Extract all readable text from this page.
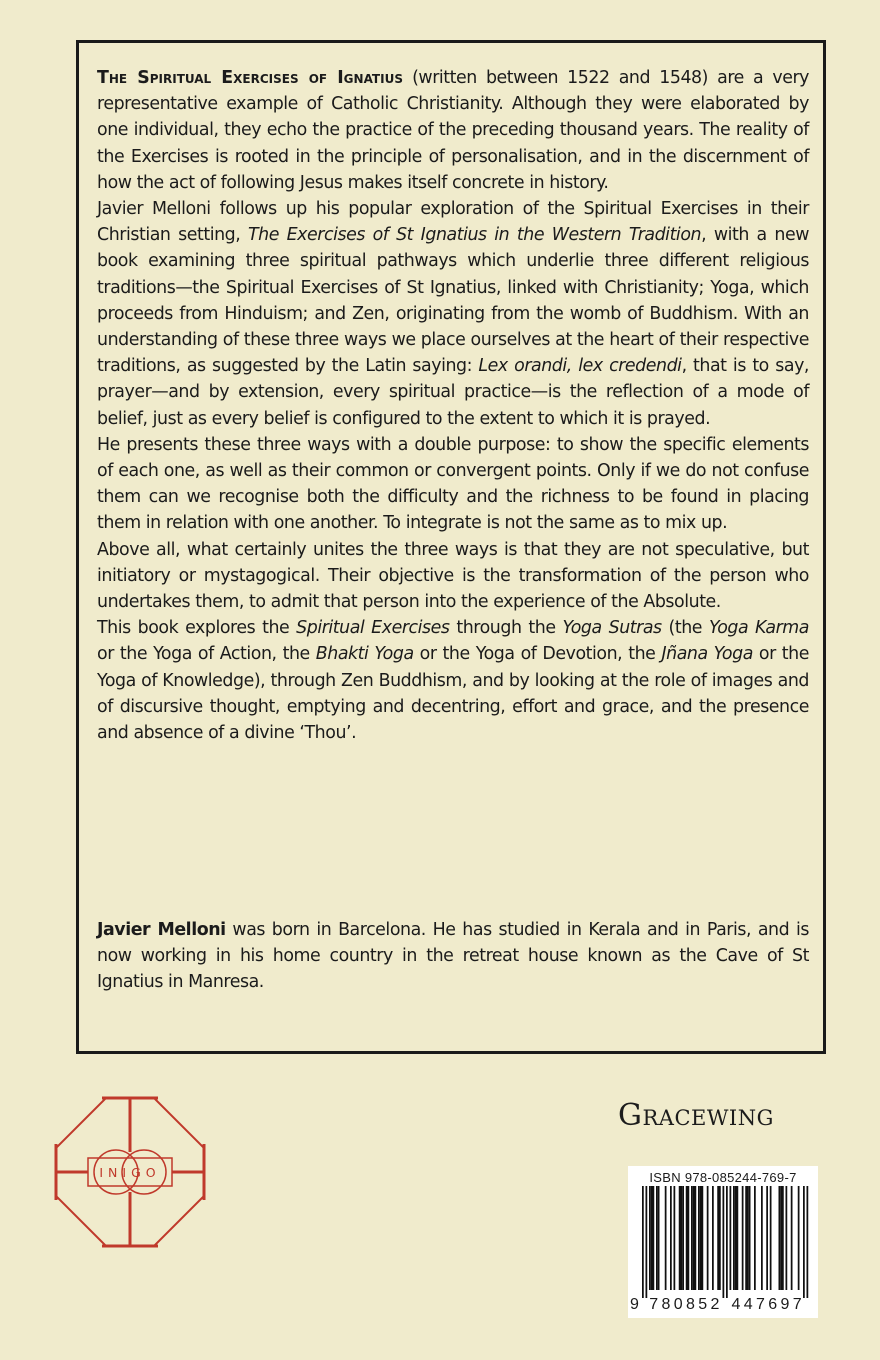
The Spiritual Exercises of Ignatius (written between 1522 and 1548) are a very representative example of Catholic Christianity. Although they were elaborated by one individual, they echo the practice of the preceding thousand years. The reality of the Exercises is rooted in the principle of personalisation, and in the discernment of how the act of following Jesus makes itself concrete in history.

Javier Melloni follows up his popular exploration of the Spiritual Exercises in their Christian setting, The Exercises of St Ignatius in the Western Tradition, with a new book examining three spiritual pathways which underlie three different religious traditions—the Spiritual Exercises of St Ignatius, linked with Christianity; Yoga, which proceeds from Hinduism; and Zen, originating from the womb of Buddhism. With an understanding of these three ways we place ourselves at the heart of their respective traditions, as suggested by the Latin saying: Lex orandi, lex credendi, that is to say, prayer—and by extension, every spiritual practice—is the reflection of a mode of belief, just as every belief is configured to the extent to which it is prayed.

He presents these three ways with a double purpose: to show the specific elements of each one, as well as their common or convergent points. Only if we do not confuse them can we recognise both the difficulty and the richness to be found in placing them in relation with one another. To integrate is not the same as to mix up.

Above all, what certainly unites the three ways is that they are not speculative, but initiatory or mystagogical. Their objective is the transformation of the person who undertakes them, to admit that person into the experience of the Absolute.

This book explores the Spiritual Exercises through the Yoga Sutras (the Yoga Karma or the Yoga of Action, the Bhakti Yoga or the Yoga of Devotion, the Jñana Yoga or the Yoga of Knowledge), through Zen Buddhism, and by looking at the role of images and of discursive thought, emptying and decentring, effort and grace, and the presence and absence of a divine ‘Thou’.

Javier Melloni was born in Barcelona. He has studied in Kerala and in Paris, and is now working in his home country in the retreat house known as the Cave of St Ignatius in Manresa.

INIGO
Gracewing
ISBN 978-085244-769-7
9 7 8 0 8 5 2 4 4 7 6 9 7
